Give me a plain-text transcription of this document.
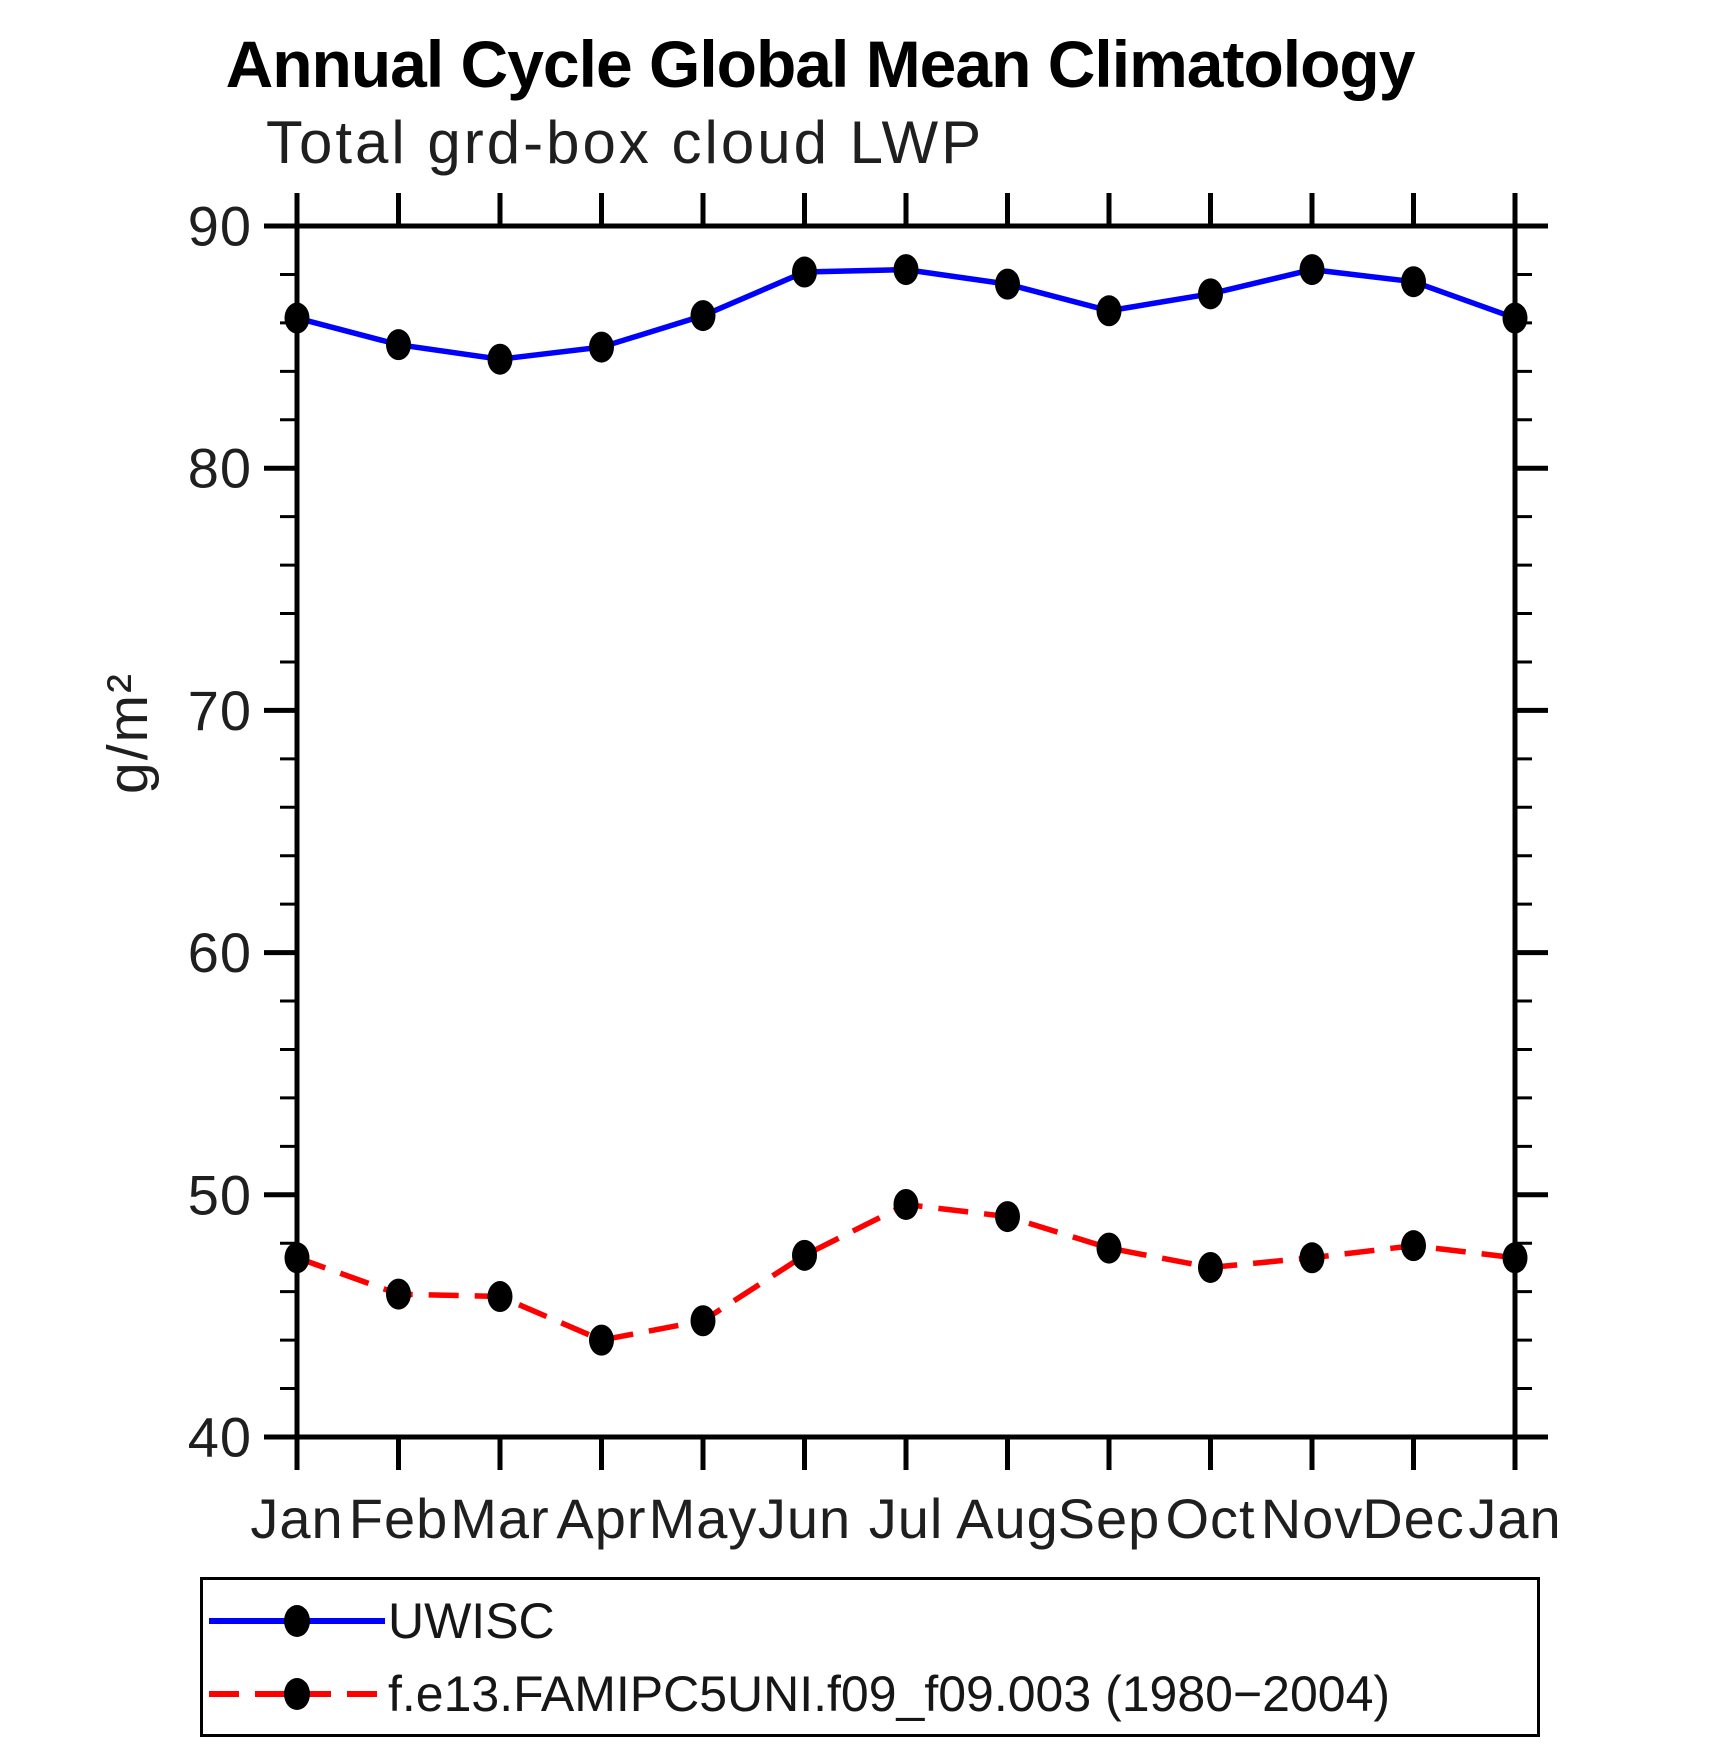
Annual Cycle Global Mean Climatology
Total grd-box cloud LWP
g/m²
90
80
70
60
50
40
Jan Feb Mar Apr May Jun Jul Aug
Sep Oct Nov
Dec Jan
UWISC
f.e13.FAMIPC5UNI.f09_f09.003 (1980−2004)
